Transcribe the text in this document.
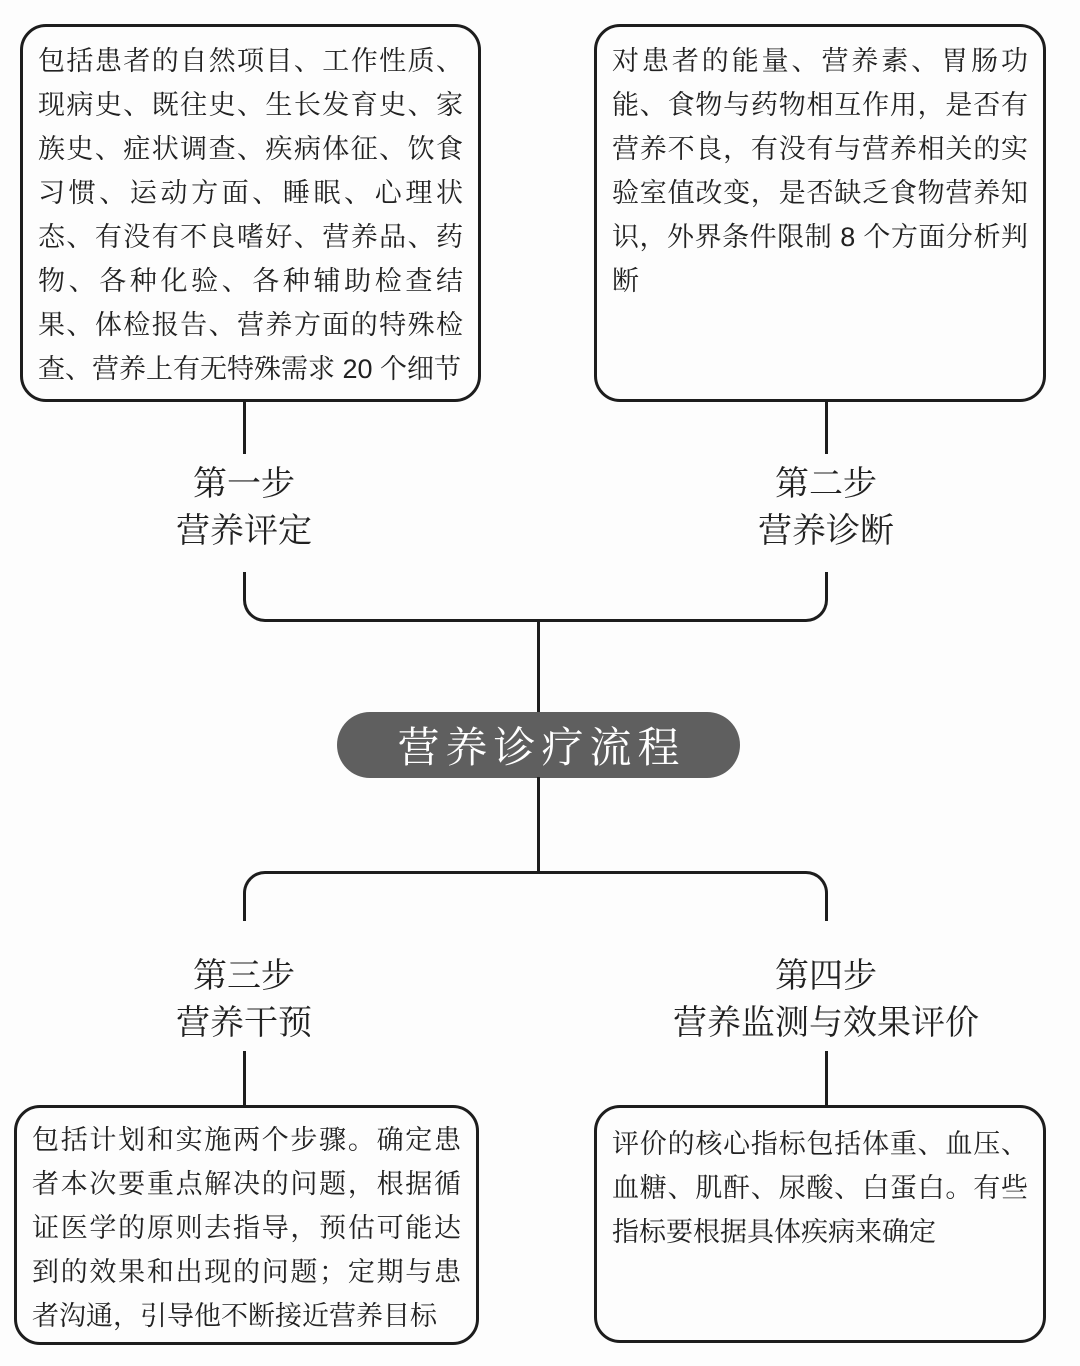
包括患者的自然项目、工作性质、现病史、既往史、生长发育史、家族史、症状调查、疾病体征、饮食习惯、运动方面、睡眠、心理状态、有没有不良嗜好、营养品、药物、各种化验、各种辅助检查结果、体检报告、营养方面的特殊检查、营养上有无特殊需求 20 个细节
对患者的能量、营养素、胃肠功能、食物与药物相互作用，是否有营养不良，有没有与营养相关的实验室值改变，是否缺乏食物营养知识，外界条件限制 8 个方面分析判断
第一步
营养评定
第二步
营养诊断
营养诊疗流程
第三步
营养干预
第四步
营养监测与效果评价
包括计划和实施两个步骤。确定患者本次要重点解决的问题，根据循证医学的原则去指导，预估可能达到的效果和出现的问题；定期与患者沟通，引导他不断接近营养目标
评价的核心指标包括体重、血压、血糖、肌酐、尿酸、白蛋白。有些指标要根据具体疾病来确定
